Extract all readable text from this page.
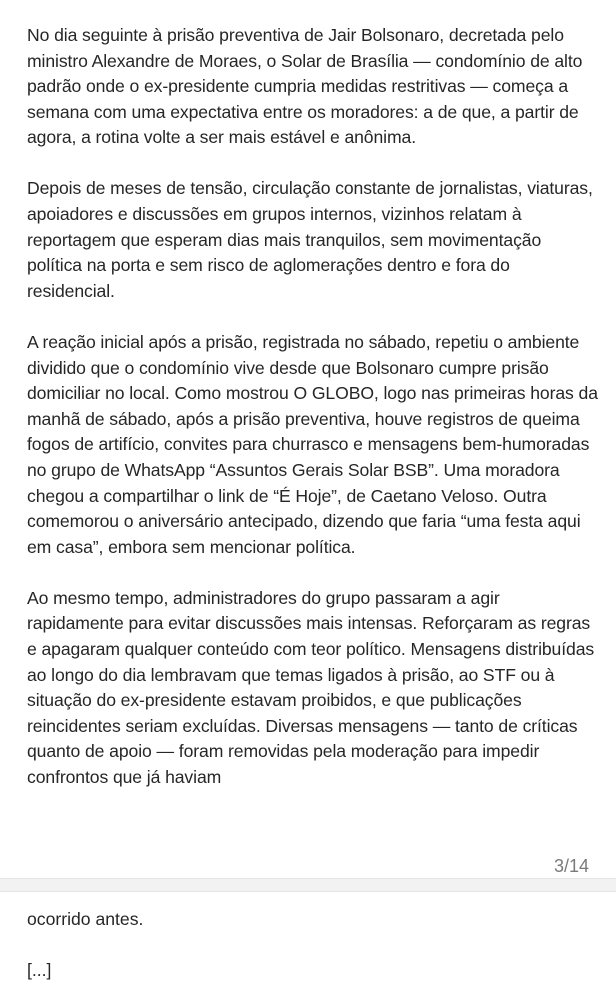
No dia seguinte à prisão preventiva de Jair Bolsonaro, decretada pelo ministro Alexandre de Moraes, o Solar de Brasília — condomínio de alto padrão onde o ex-presidente cumpria medidas restritivas — começa a semana com uma expectativa entre os moradores: a de que, a partir de agora, a rotina volte a ser mais estável e anônima.

Depois de meses de tensão, circulação constante de jornalistas, viaturas, apoiadores e discussões em grupos internos, vizinhos relatam à reportagem que esperam dias mais tranquilos, sem movimentação política na porta e sem risco de aglomerações dentro e fora do residencial.

A reação inicial após a prisão, registrada no sábado, repetiu o ambiente dividido que o condomínio vive desde que Bolsonaro cumpre prisão domiciliar no local. Como mostrou O GLOBO, logo nas primeiras horas da manhã de sábado, após a prisão preventiva, houve registros de queima fogos de artifício, convites para churrasco e mensagens bem-humoradas no grupo de WhatsApp “Assuntos Gerais Solar BSB”. Uma moradora chegou a compartilhar o link de “É Hoje”, de Caetano Veloso. Outra comemorou o aniversário antecipado, dizendo que faria “uma festa aqui em casa”, embora sem mencionar política.

Ao mesmo tempo, administradores do grupo passaram a agir rapidamente para evitar discussões mais intensas. Reforçaram as regras e apagaram qualquer conteúdo com teor político. Mensagens distribuídas ao longo do dia lembravam que temas ligados à prisão, ao STF ou à situação do ex-presidente estavam proibidos, e que publicações reincidentes seriam excluídas. Diversas mensagens — tanto de críticas quanto de apoio — foram removidas pela moderação para impedir confrontos que já haviam

3/14

ocorrido antes.

[...]
